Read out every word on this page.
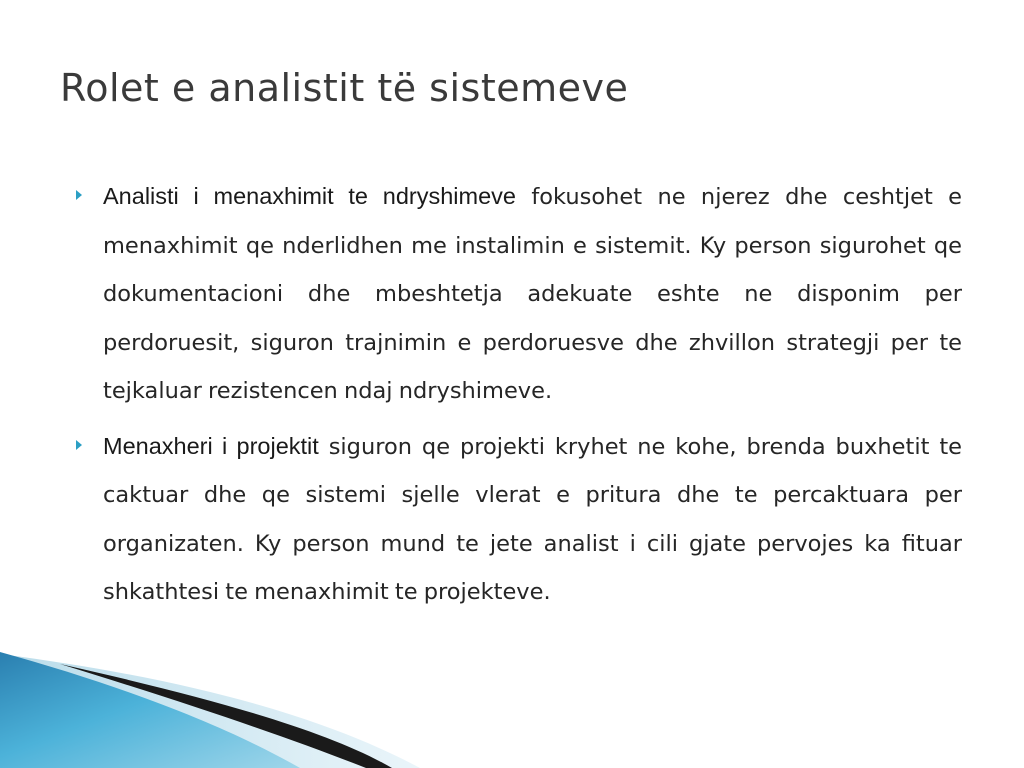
Rolet e analistit të sistemeve

Analisti i menaxhimit te ndryshimeve fokusohet ne njerez dhe ceshtjet e menaxhimit qe nderlidhen me instalimin e sistemit. Ky person sigurohet qe dokumentacioni dhe mbeshtetja adekuate eshte ne disponim per perdoruesit, siguron trajnimin e perdoruesve dhe zhvillon strategji per te tejkaluar rezistencen ndaj ndryshimeve.

Menaxheri i projektit siguron qe projekti kryhet ne kohe, brenda buxhetit te caktuar dhe qe sistemi sjelle vlerat e pritura dhe te percaktuara per organizaten. Ky person mund te jete analist i cili gjate pervojes ka fituar shkathtesi te menaxhimit te projekteve.
